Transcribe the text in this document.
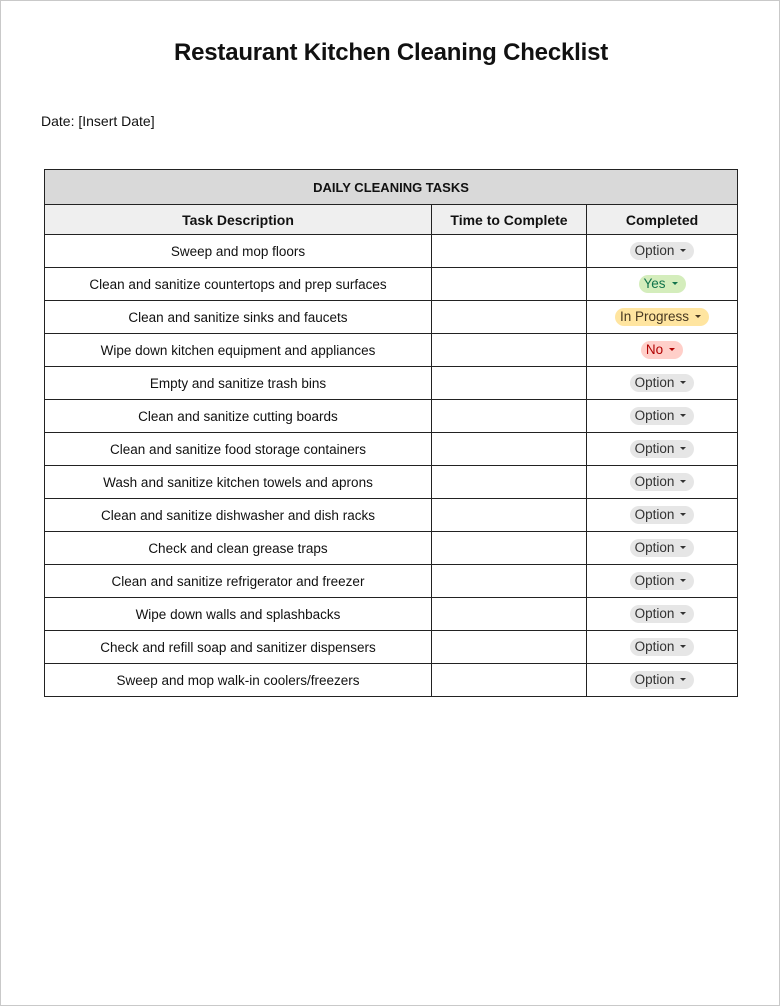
Restaurant Kitchen Cleaning Checklist
Date: [Insert Date]
DAILY CLEANING TASKS		
Task Description	Time to Complete	Completed
Sweep and mop floors		Option
Clean and sanitize countertops and prep surfaces		Yes
Clean and sanitize sinks and faucets		In Progress
Wipe down kitchen equipment and appliances		No
Empty and sanitize trash bins		Option
Clean and sanitize cutting boards		Option
Clean and sanitize food storage containers		Option
Wash and sanitize kitchen towels and aprons		Option
Clean and sanitize dishwasher and dish racks		Option
Check and clean grease traps		Option
Clean and sanitize refrigerator and freezer		Option
Wipe down walls and splashbacks		Option
Check and refill soap and sanitizer dispensers		Option
Sweep and mop walk-in coolers/freezers		Option
